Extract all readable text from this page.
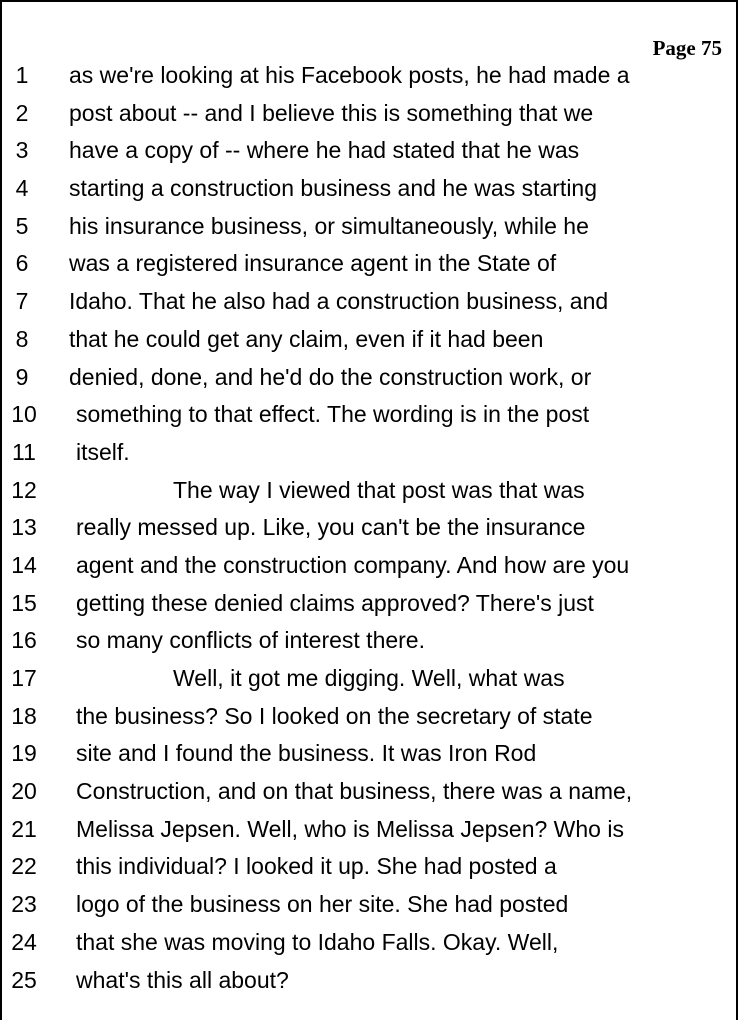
Page 75
1	as we're looking at his Facebook posts, he had made a
2	post about -- and I believe this is something that we
3	have a copy of -- where he had stated that he was
4	starting a construction business and he was starting
5	his insurance business, or simultaneously, while he
6	was a registered insurance agent in the State of
7	Idaho. That he also had a construction business, and
8	that he could get any claim, even if it had been
9	denied, done, and he'd do the construction work, or
10	something to that effect. The wording is in the post
11	itself.
12	The way I viewed that post was that was
13	really messed up. Like, you can't be the insurance
14	agent and the construction company. And how are you
15	getting these denied claims approved? There's just
16	so many conflicts of interest there.
17	Well, it got me digging. Well, what was
18	the business? So I looked on the secretary of state
19	site and I found the business. It was Iron Rod
20	Construction, and on that business, there was a name,
21	Melissa Jepsen. Well, who is Melissa Jepsen? Who is
22	this individual? I looked it up. She had posted a
23	logo of the business on her site. She had posted
24	that she was moving to Idaho Falls. Okay. Well,
25	what's this all about?
